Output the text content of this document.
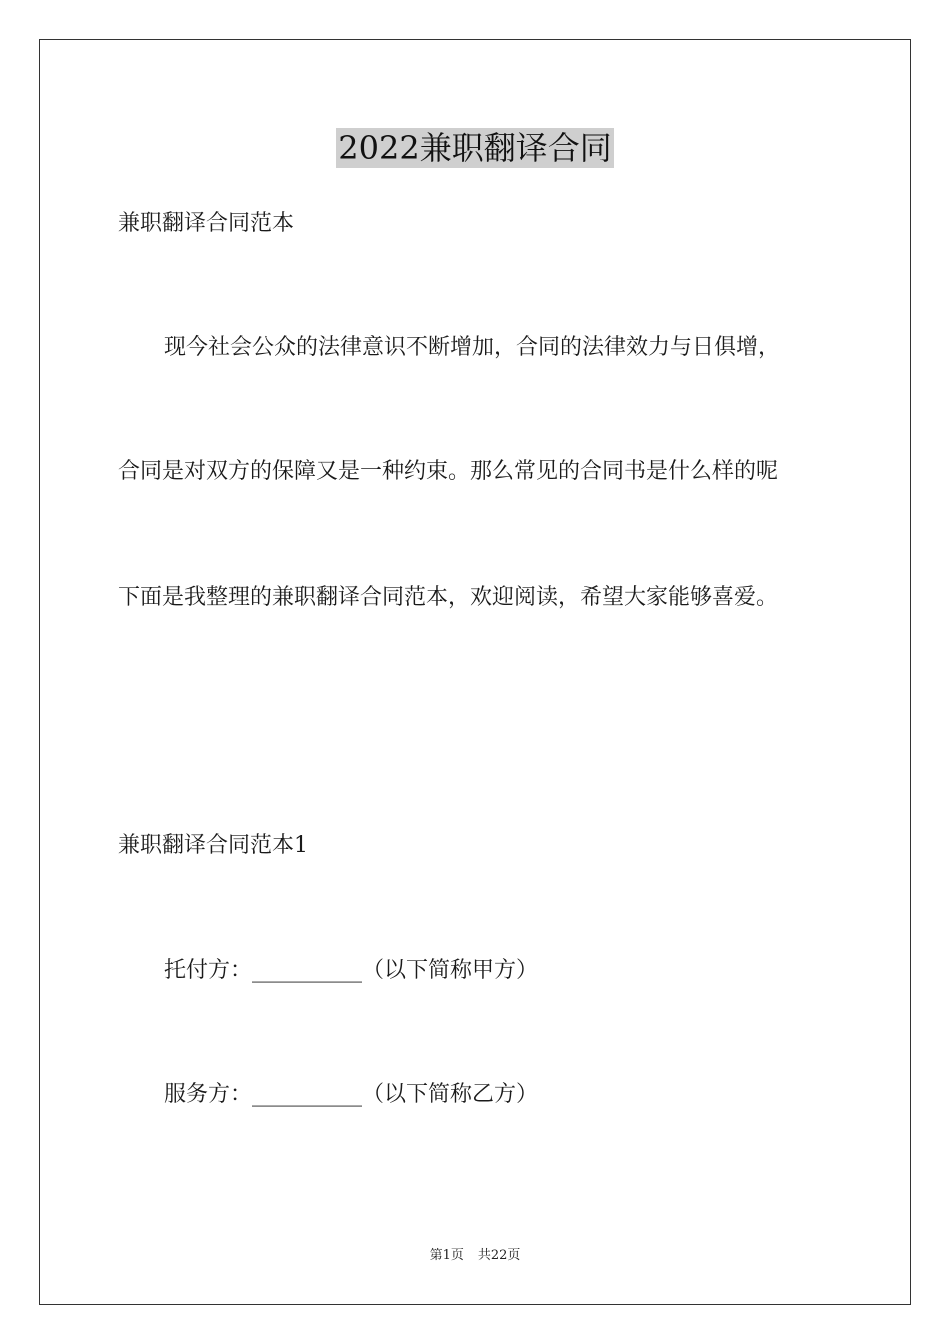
2022兼职翻译合同
兼职翻译合同范本
现今社会公众的法律意识不断增加，合同的法律效力与日俱增，
合同是对双方的保障又是一种约束。那么常见的合同书是什么样的呢
下面是我整理的兼职翻译合同范本，欢迎阅读，希望大家能够喜爱。
兼职翻译合同范本1
托付方：__________（以下简称甲方）
服务方：__________（以下简称乙方）
第1页 共22页
